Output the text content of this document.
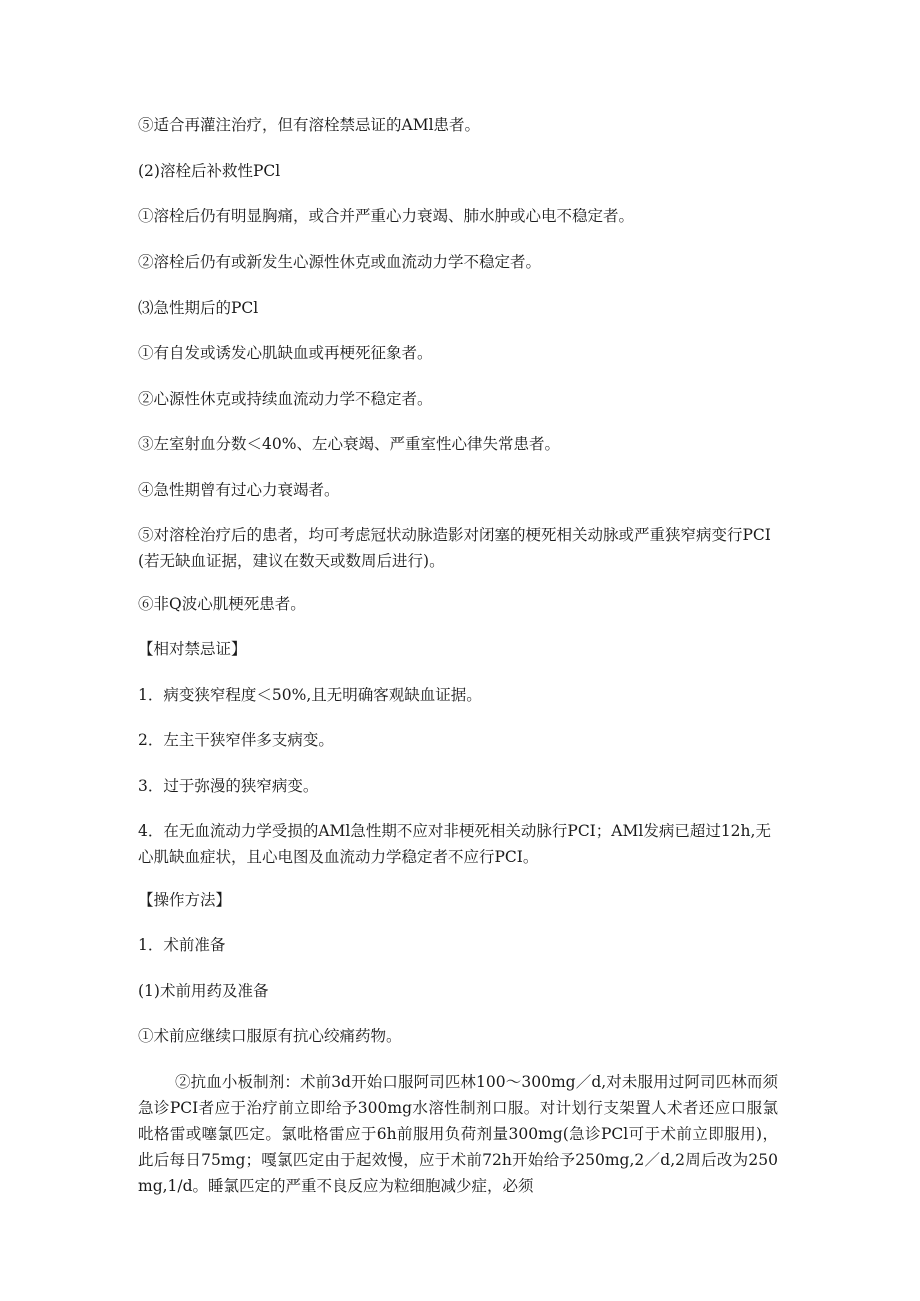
⑤适合再灌注治疗，但有溶栓禁忌证的AMl患者。

(2)溶栓后补救性PCl

①溶栓后仍有明显胸痛，或合并严重心力衰竭、肺水肿或心电不稳定者。

②溶栓后仍有或新发生心源性休克或血流动力学不稳定者。

⑶急性期后的PCl

①有自发或诱发心肌缺血或再梗死征象者。

②心源性休克或持续血流动力学不稳定者。

③左室射血分数＜40%、左心衰竭、严重室性心律失常患者。

④急性期曾有过心力衰竭者。

⑤对溶栓治疗后的患者，均可考虑冠状动脉造影对闭塞的梗死相关动脉或严重狭窄病变行PCI(若无缺血证据，建议在数天或数周后进行)。

⑥非Q波心肌梗死患者。

【相对禁忌证】

1．病变狭窄程度＜50%,且无明确客观缺血证据。

2．左主干狭窄伴多支病变。

3．过于弥漫的狭窄病变。

4．在无血流动力学受损的AMl急性期不应对非梗死相关动脉行PCI；AMl发病已超过12h,无心肌缺血症状，且心电图及血流动力学稳定者不应行PCI。

【操作方法】

1．术前准备

(1)术前用药及准备

①术前应继续口服原有抗心绞痛药物。

②抗血小板制剂：术前3d开始口服阿司匹林100～300mg／d,对未服用过阿司匹林而须急诊PCI者应于治疗前立即给予300mg水溶性制剂口服。对计划行支架置人术者还应口服氯吡格雷或噻氯匹定。氯吡格雷应于6h前服用负荷剂量300mg(急诊PCl可于术前立即服用)，此后每日75mg；嘎氯匹定由于起效慢，应于术前72h开始给予250mg,2／d,2周后改为250mg,1/d。睡氯匹定的严重不良反应为粒细胞减少症，必须
